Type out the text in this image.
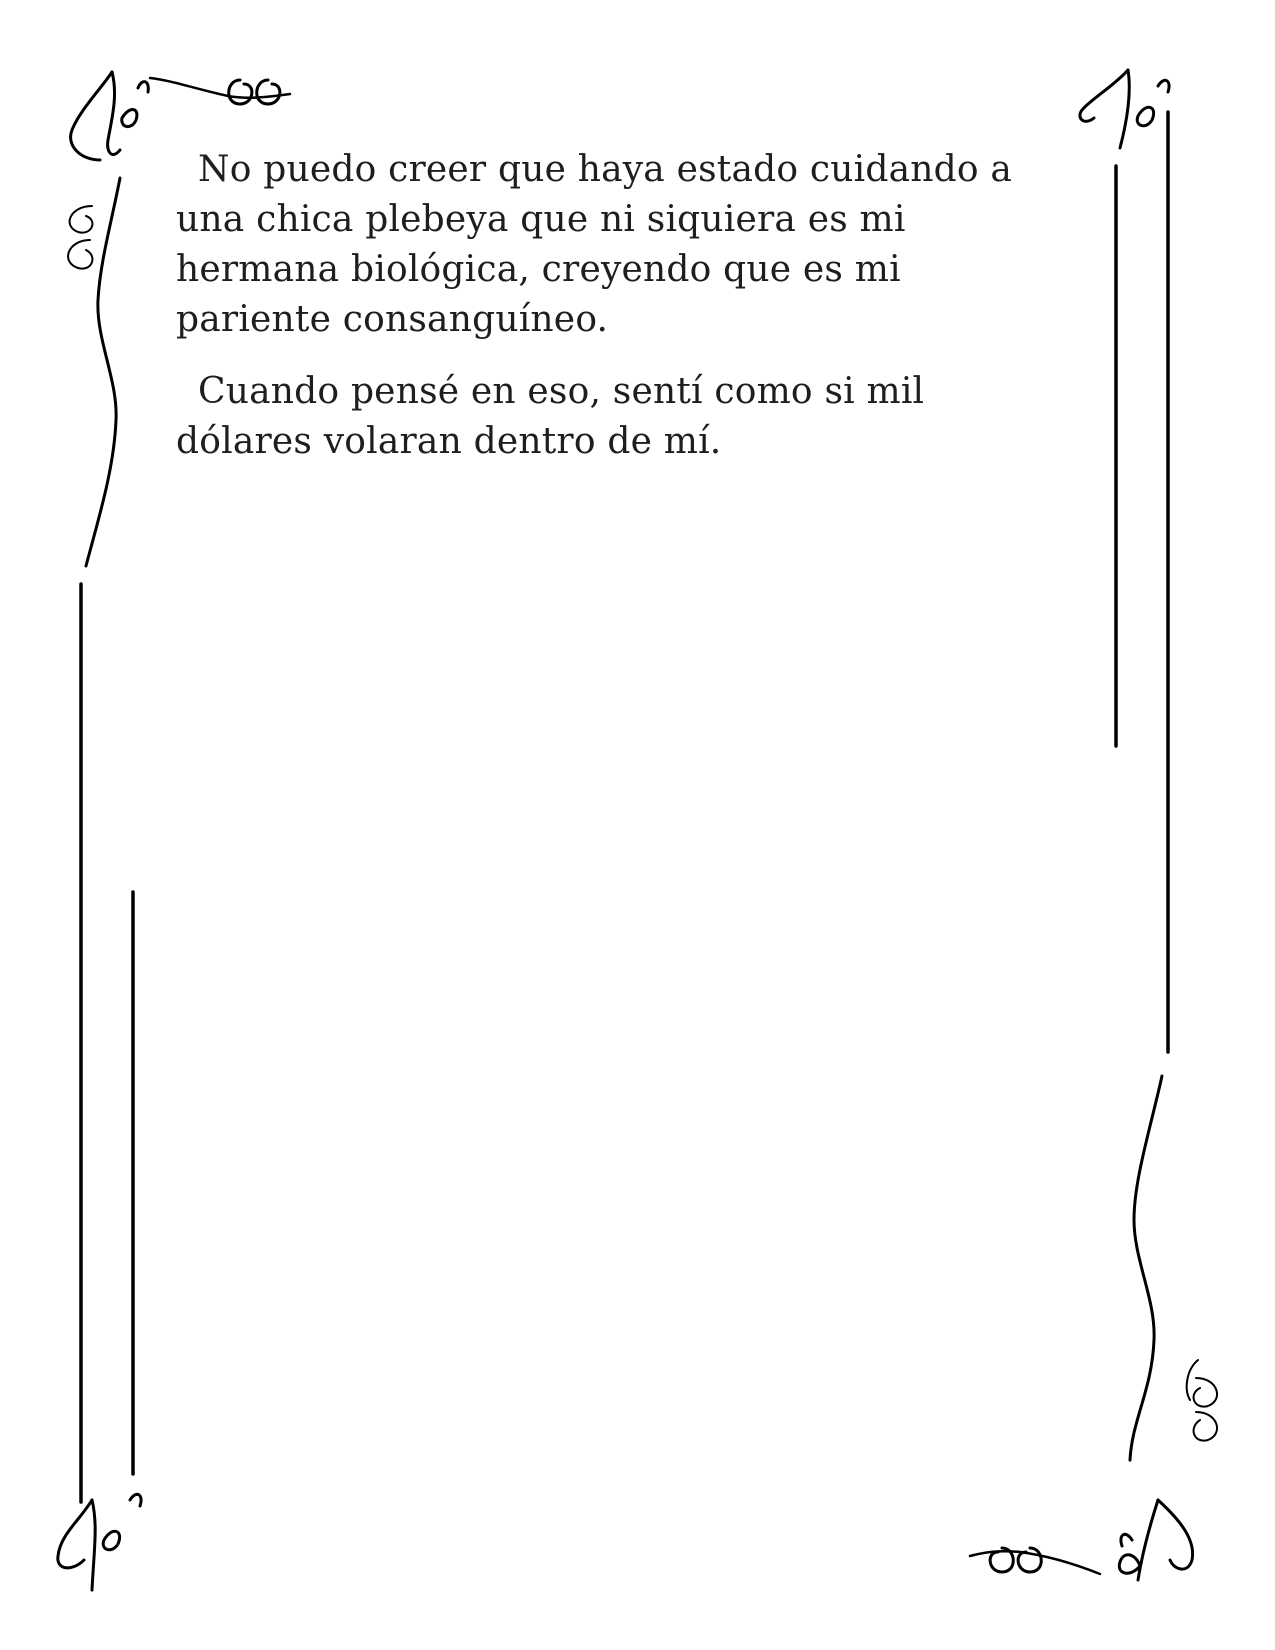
No puedo creer que haya estado cuidando a una chica plebeya que ni siquiera es mi hermana biológica, creyendo que es mi pariente consanguíneo.

Cuando pensé en eso, sentí como si mil dólares volaran dentro de mí.
